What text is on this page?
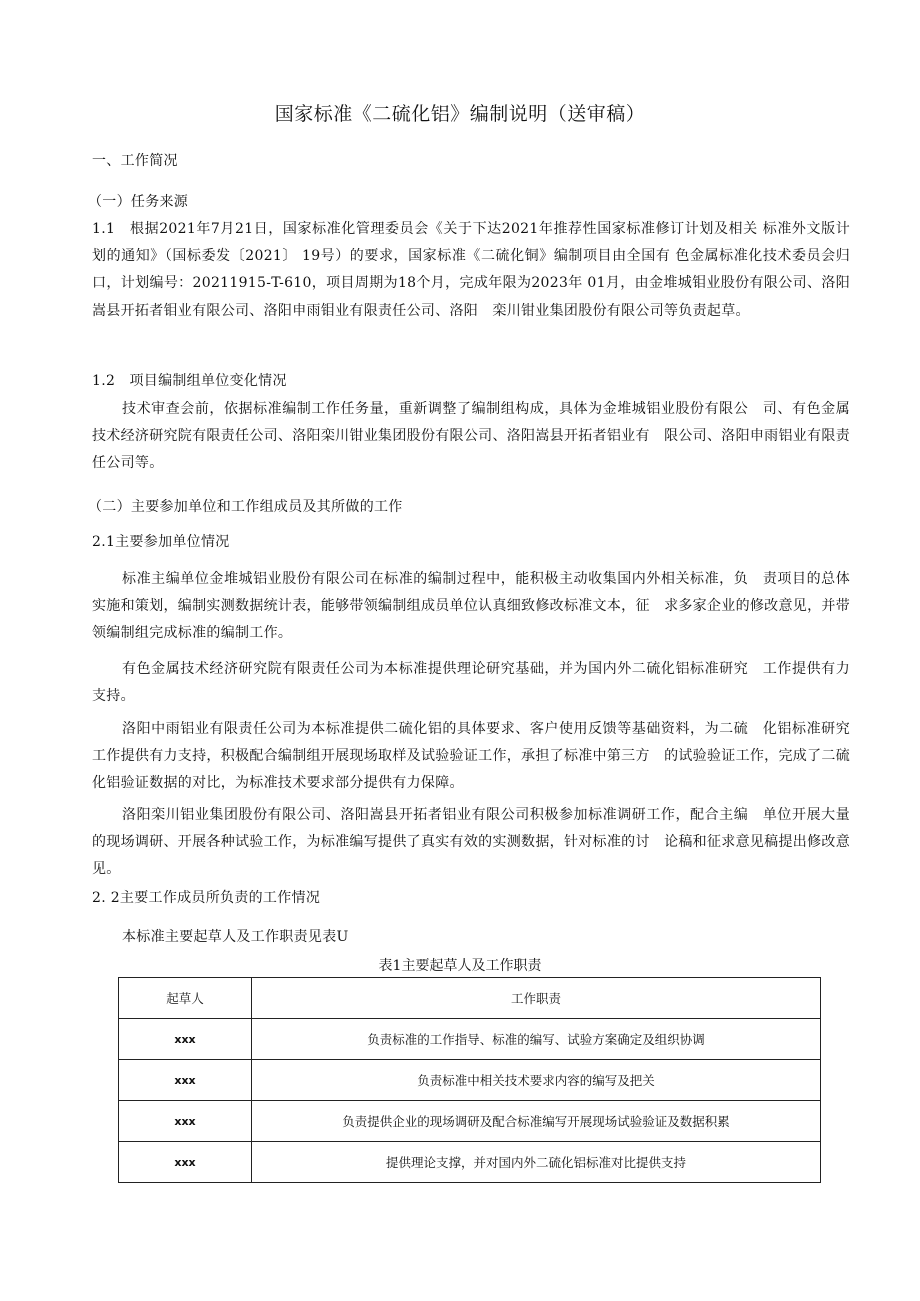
国家标准《二硫化铝》编制说明（送审稿）
一、工作简况
（一）任务来源
1.1　根据2021年7月21日，国家标准化管理委员会《关于下达2021年推荐性国家标准修订计划及相关 标准外文版计划的通知》（国标委发〔2021〕 19号）的要求，国家标准《二硫化铜》编制项目由全国有 色金属标准化技术委员会归口，计划编号：20211915-T-610，项目周期为18个月，完成年限为2023年 01月，由金堆城钼业股份有限公司、洛阳嵩县开拓者钼业有限公司、洛阳申雨钼业有限责任公司、洛阳　栾川钳业集团股份有限公司等负责起草。
1.2　项目编制组单位变化情况
技术审查会前，依据标准编制工作任务量，重新调整了编制组构成，具体为金堆城铝业股份有限公　司、有色金属技术经济研究院有限责任公司、洛阳栾川钳业集团股份有限公司、洛阳嵩县开拓者铝业有　限公司、洛阳申雨铝业有限责任公司等。
（二）主要参加单位和工作组成员及其所做的工作
2.1主要参加单位情况
标准主编单位金堆城铝业股份有限公司在标准的编制过程中，能积极主动收集国内外相关标准，负　责项目的总体实施和策划，编制实测数据统计表，能够带领编制组成员单位认真细致修改标准文本，征　求多家企业的修改意见，并带领编制组完成标准的编制工作。
有色金属技术经济研究院有限责任公司为本标准提供理论研究基础，并为国内外二硫化铝标准研究　工作提供有力支持。
洛阳中雨铝业有限责任公司为本标准提供二硫化铝的具体要求、客户使用反馈等基础资料，为二硫　化铝标准研究工作提供有力支持，积极配合编制组开展现场取样及试验验证工作，承担了标准中第三方　的试验验证工作，完成了二硫化铝验证数据的对比，为标准技术要求部分提供有力保障。
洛阳栾川铝业集团股份有限公司、洛阳嵩县开拓者铝业有限公司积极参加标准调研工作，配合主编　单位开展大量的现场调研、开展各种试验工作，为标准编写提供了真实有效的实测数据，针对标准的讨　论稿和征求意见稿提出修改意见。
2. 2主要工作成员所负责的工作情况
本标准主要起草人及工作职责见表U
表1主要起草人及工作职责
起草人	工作职责
xxx	负责标准的工作指导、标准的编写、试验方案确定及组织协调
xxx	负责标准中相关技术要求内容的编写及把关
xxx	负责提供企业的现场调研及配合标准编写开展现场试验验证及数据积累
xxx	提供理论支撑，并对国内外二硫化铝标准对比提供支持
